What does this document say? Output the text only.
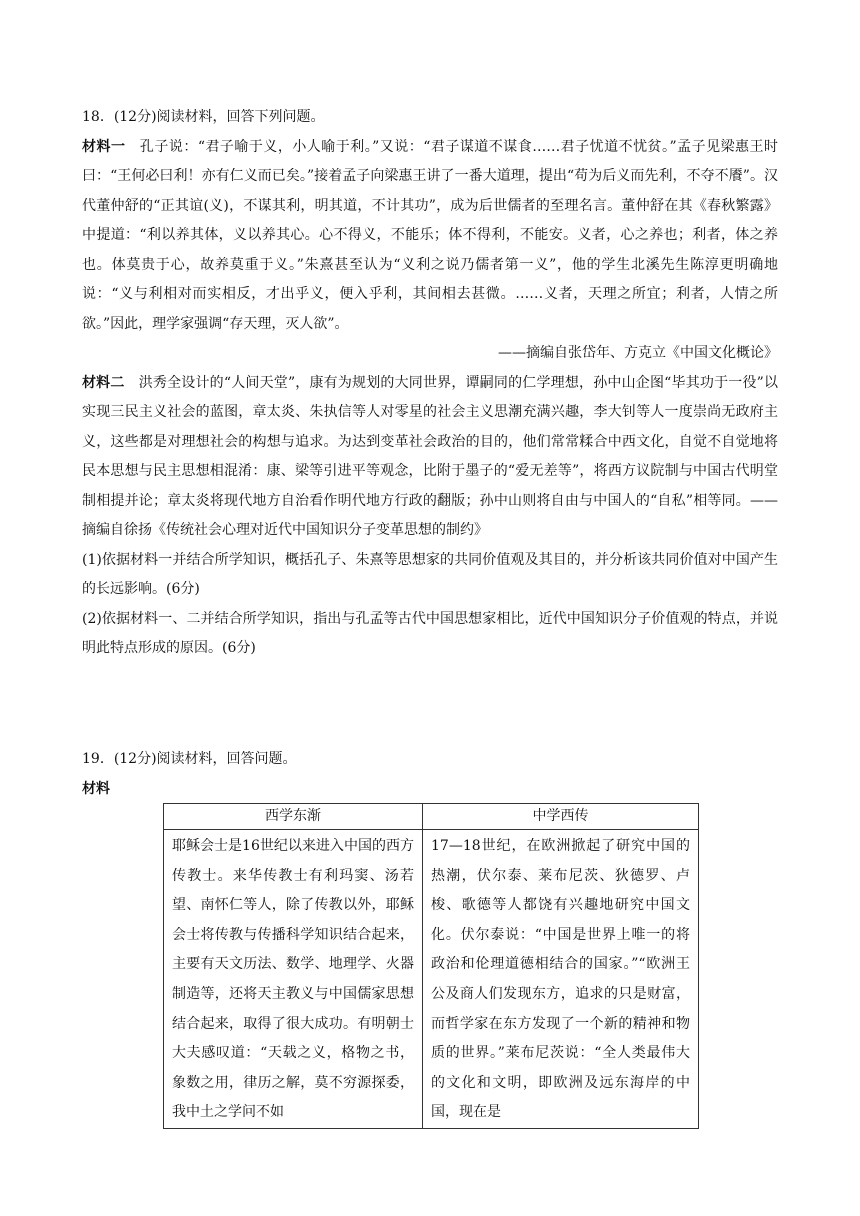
18．(12分)阅读材料，回答下列问题。

材料一　孔子说：“君子喻于义，小人喻于利。”又说：“君子谋道不谋食……君子忧道不忧贫。”孟子见梁惠王时曰：“王何必曰利！亦有仁义而已矣。”接着孟子向梁惠王讲了一番大道理，提出“苟为后义而先利，不夺不餍”。汉代董仲舒的“正其谊(义)，不谋其利，明其道，不计其功”，成为后世儒者的至理名言。董仲舒在其《春秋繁露》中提道：“利以养其体，义以养其心。心不得义，不能乐；体不得利，不能安。义者，心之养也；利者，体之养也。体莫贵于心，故养莫重于义。”朱熹甚至认为“义利之说乃儒者第一义”，他的学生北溪先生陈淳更明确地说：“义与利相对而实相反，才出乎义，便入乎利，其间相去甚微。……义者，天理之所宜；利者，人情之所欲。”因此，理学家强调“存天理，灭人欲”。

——摘编自张岱年、方克立《中国文化概论》

材料二　洪秀全设计的“人间天堂”，康有为规划的大同世界，谭嗣同的仁学理想，孙中山企图“毕其功于一役”以实现三民主义社会的蓝图，章太炎、朱执信等人对零星的社会主义思潮充满兴趣，李大钊等人一度崇尚无政府主义，这些都是对理想社会的构想与追求。为达到变革社会政治的目的，他们常常糅合中西文化，自觉不自觉地将民本思想与民主思想相混淆：康、梁等引进平等观念，比附于墨子的“爱无差等”，将西方议院制与中国古代明堂制相提并论；章太炎将现代地方自治看作明代地方行政的翻版；孙中山则将自由与中国人的“自私”相等同。——摘编自徐扬《传统社会心理对近代中国知识分子变革思想的制约》

(1)依据材料一并结合所学知识，概括孔子、朱熹等思想家的共同价值观及其目的，并分析该共同价值对中国产生的长远影响。(6分)

(2)依据材料一、二并结合所学知识，指出与孔孟等古代中国思想家相比，近代中国知识分子价值观的特点，并说明此特点形成的原因。(6分)

19．(12分)阅读材料，回答问题。

材料

西学东渐	中学西传
耶稣会士是16世纪以来进入中国的西方传教士。来华传教士有利玛窦、汤若望、南怀仁等人，除了传教以外，耶稣会士将传教与传播科学知识结合起来，主要有天文历法、数学、地理学、火器制造等，还将天主教义与中国儒家思想结合起来，取得了很大成功。有明朝士大夫感叹道：“天载之义，格物之书，象数之用，律历之解，莫不穷源探委，我中土之学问不如	17—18世纪，在欧洲掀起了研究中国的热潮，伏尔泰、莱布尼茨、狄德罗、卢梭、歌德等人都饶有兴趣地研究中国文化。伏尔泰说：“中国是世界上唯一的将政治和伦理道德相结合的国家。”“欧洲王公及商人们发现东方，追求的只是财富，而哲学家在东方发现了一个新的精神和物质的世界。”莱布尼茨说：“全人类最伟大的文化和文明，即欧洲及远东海岸的中国，现在是
